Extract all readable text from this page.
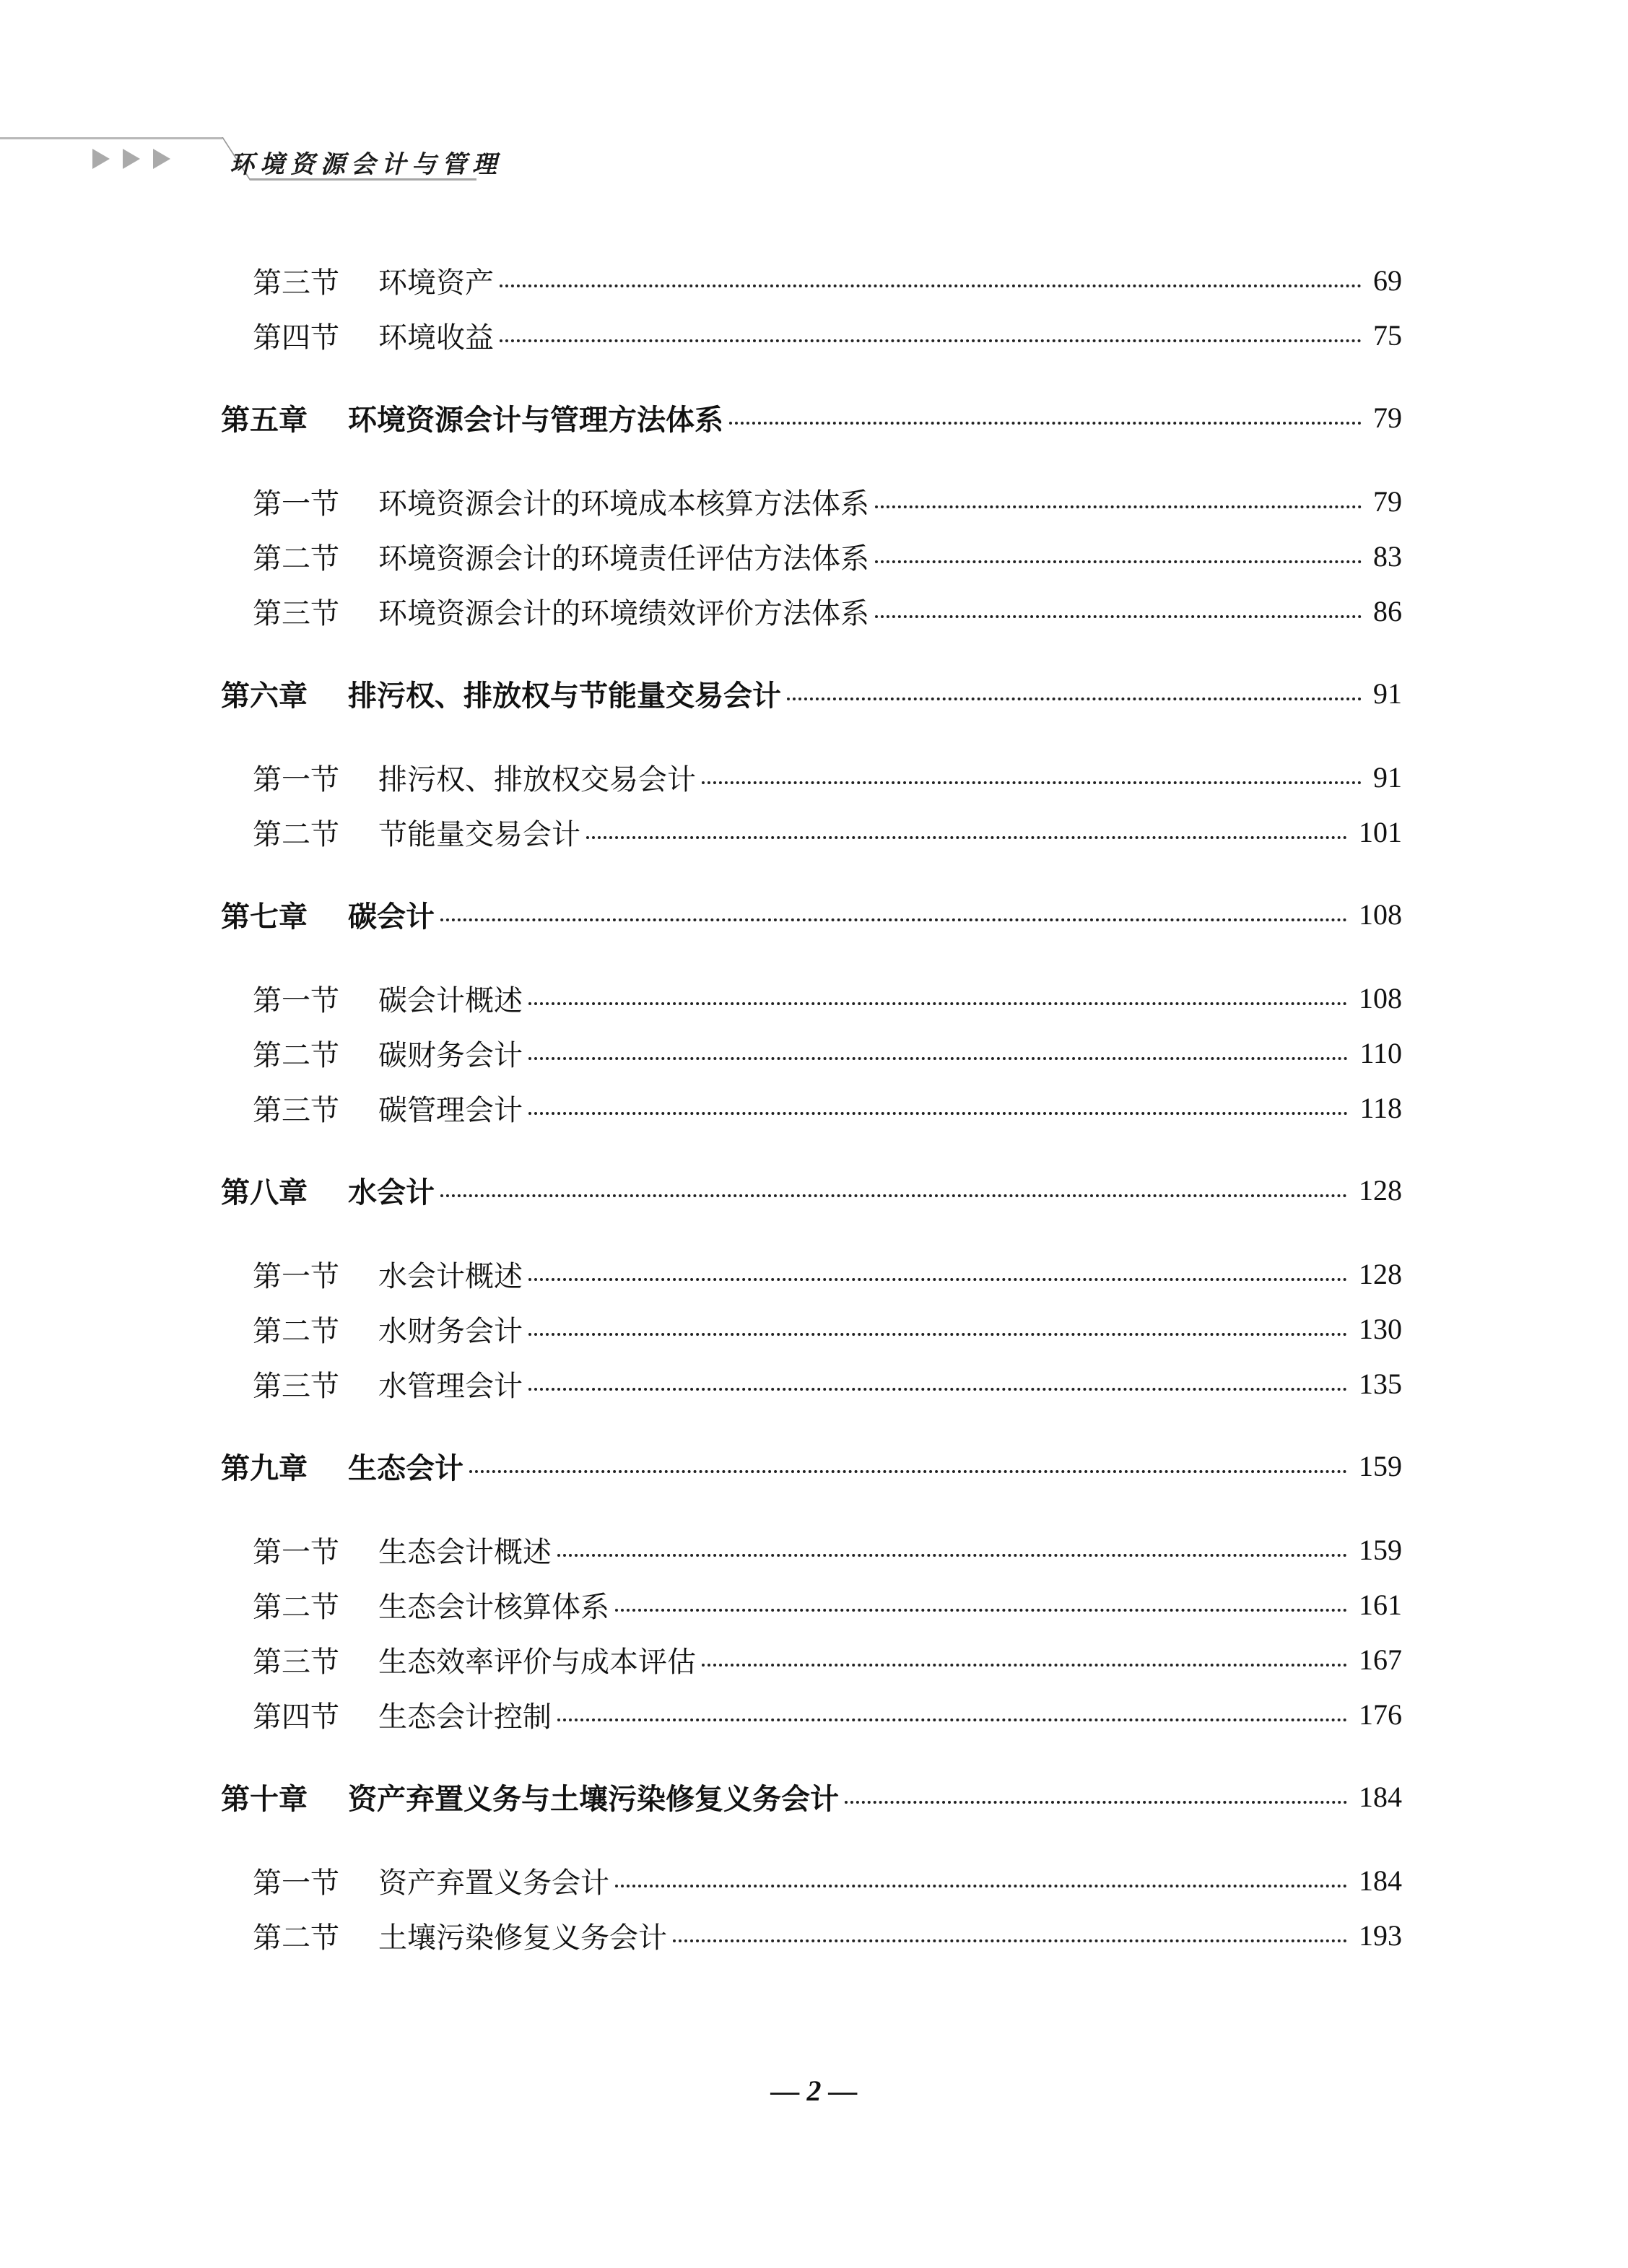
环境资源会计与管理
第三节	环境资产	69
第四节	环境收益	75
第五章	环境资源会计与管理方法体系	79
第一节	环境资源会计的环境成本核算方法体系	79
第二节	环境资源会计的环境责任评估方法体系	83
第三节	环境资源会计的环境绩效评价方法体系	86
第六章	排污权、排放权与节能量交易会计	91
第一节	排污权、排放权交易会计	91
第二节	节能量交易会计	101
第七章	碳会计	108
第一节	碳会计概述	108
第二节	碳财务会计	110
第三节	碳管理会计	118
第八章	水会计	128
第一节	水会计概述	128
第二节	水财务会计	130
第三节	水管理会计	135
第九章	生态会计	159
第一节	生态会计概述	159
第二节	生态会计核算体系	161
第三节	生态效率评价与成本评估	167
第四节	生态会计控制	176
第十章	资产弃置义务与土壤污染修复义务会计	184
第一节	资产弃置义务会计	184
第二节	土壤污染修复义务会计	193
— 2 —
